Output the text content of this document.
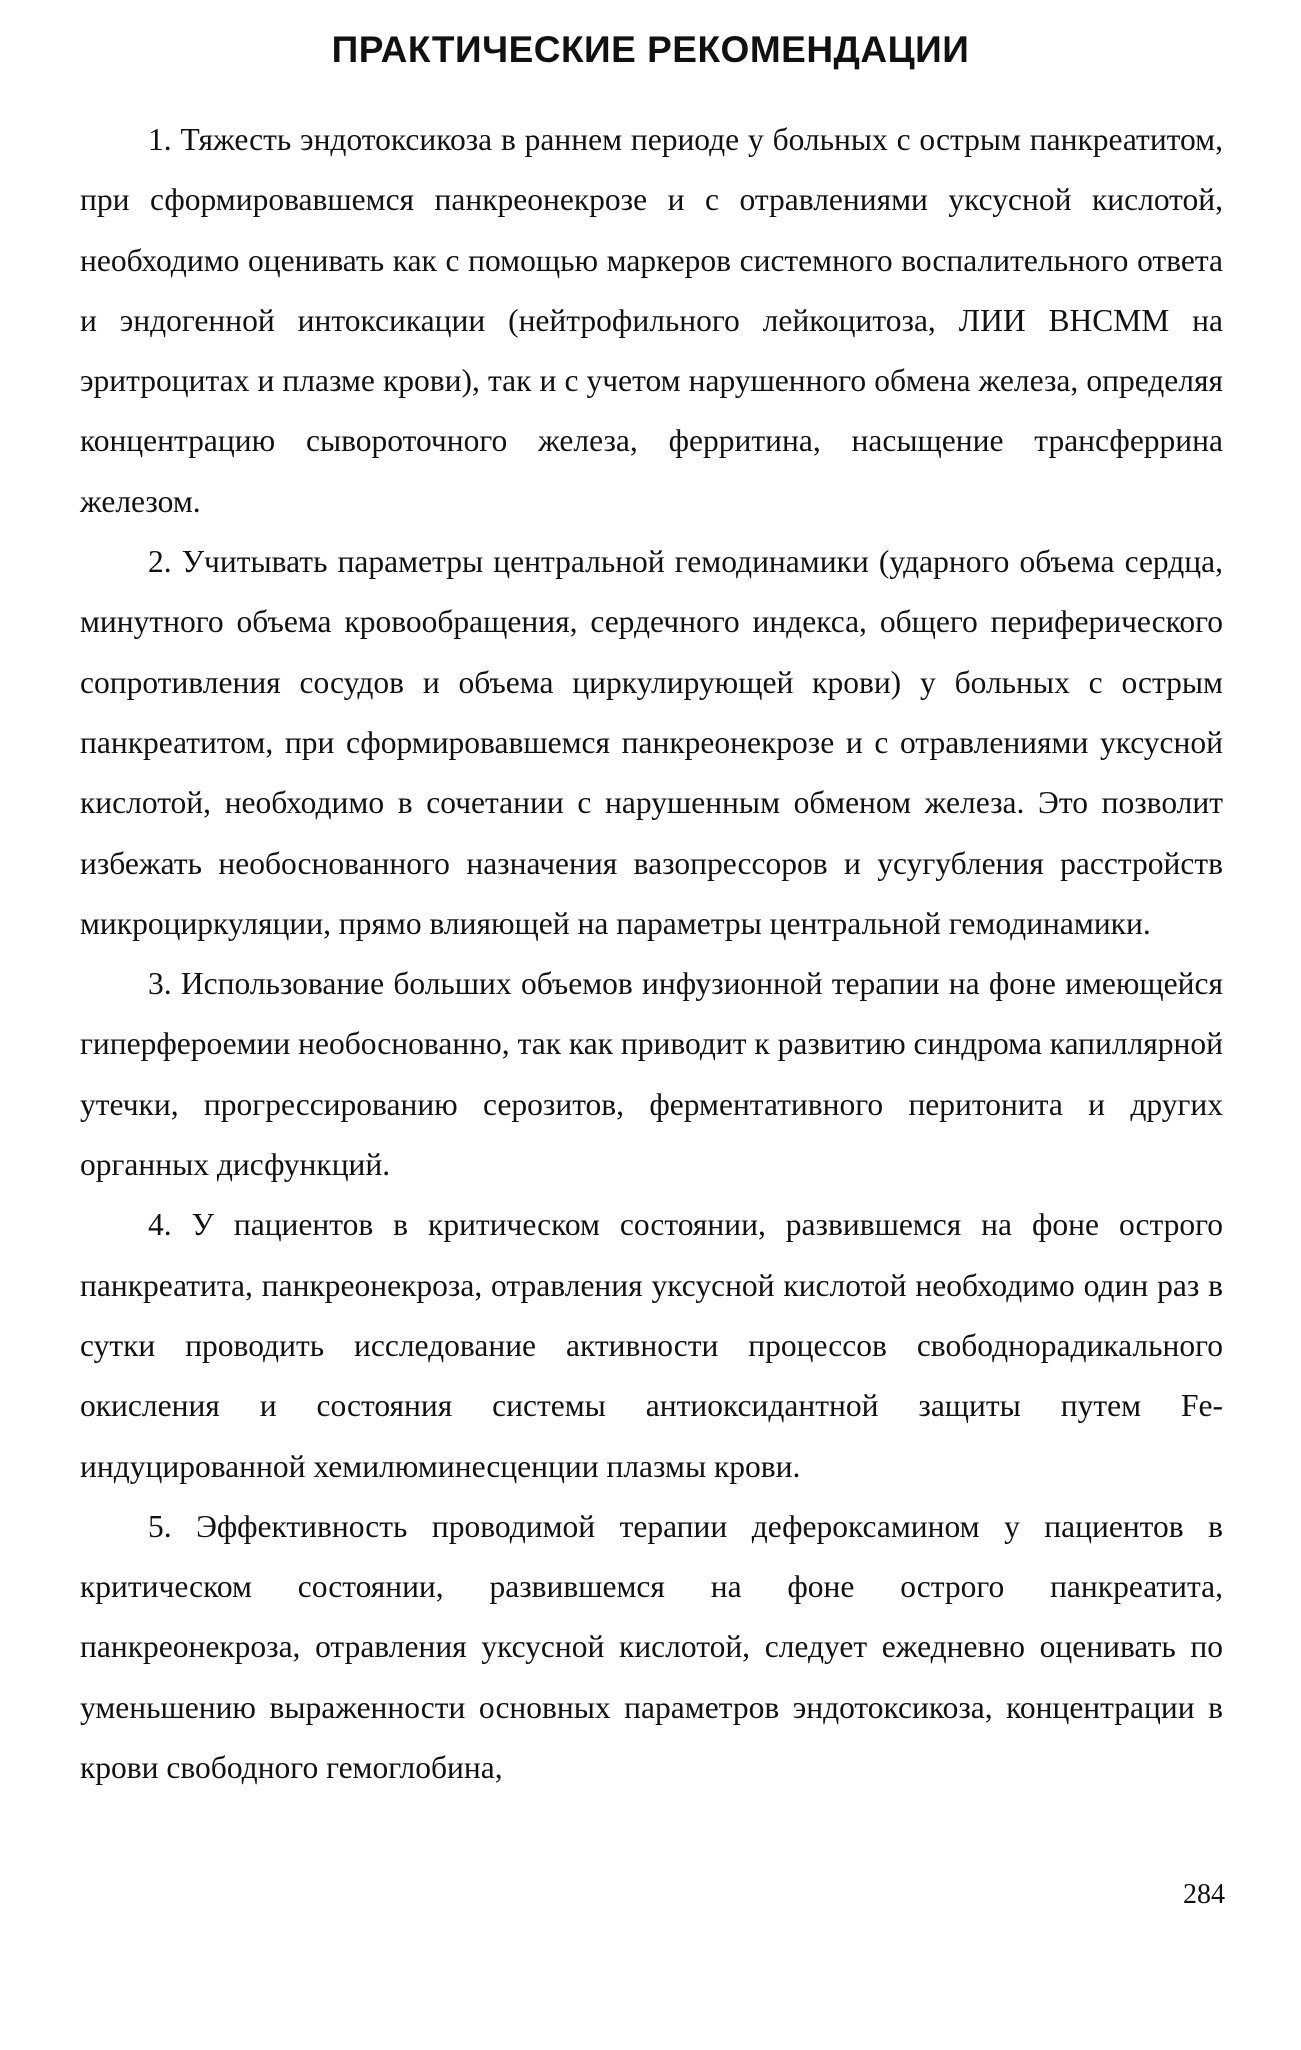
ПРАКТИЧЕСКИЕ РЕКОМЕНДАЦИИ

1. Тяжесть эндотоксикоза в раннем периоде у больных с острым панкреатитом, при сформировавшемся панкреонекрозе и с отравлениями уксусной кислотой, необходимо оценивать как с помощью маркеров системного воспалительного ответа и эндогенной интоксикации (нейтрофильного лейкоцитоза, ЛИИ ВНСММ на эритроцитах и плазме крови), так и с учетом нарушенного обмена железа, определяя концентрацию сывороточного железа, ферритина, насыщение трансферрина железом.

2. Учитывать параметры центральной гемодинамики (ударного объема сердца, минутного объема кровообращения, сердечного индекса, общего периферического сопротивления сосудов и объема циркулирующей крови) у больных с острым панкреатитом, при сформировавшемся панкреонекрозе и с отравлениями уксусной кислотой, необходимо в сочетании с нарушенным обменом железа. Это позволит избежать необоснованного назначения вазопрессоров и усугубления расстройств микроциркуляции, прямо влияющей на параметры центральной гемодинамики.

3. Использование больших объемов инфузионной терапии на фоне имеющейся гиперфероемии необоснованно, так как приводит к развитию синдрома капиллярной утечки, прогрессированию серозитов, ферментативного перитонита и других органных дисфункций.

4. У пациентов в критическом состоянии, развившемся на фоне острого панкреатита, панкреонекроза, отравления уксусной кислотой необходимо один раз в сутки проводить исследование активности процессов свободнорадикального окисления и состояния системы антиоксидантной защиты путем Fe-индуцированной хемилюминесценции плазмы крови.

5. Эффективность проводимой терапии дефероксамином у пациентов в критическом состоянии, развившемся на фоне острого панкреатита, панкреонекроза, отравления уксусной кислотой, следует ежедневно оценивать по уменьшению выраженности основных параметров эндотоксикоза, концентрации в крови свободного гемоглобина,

284
